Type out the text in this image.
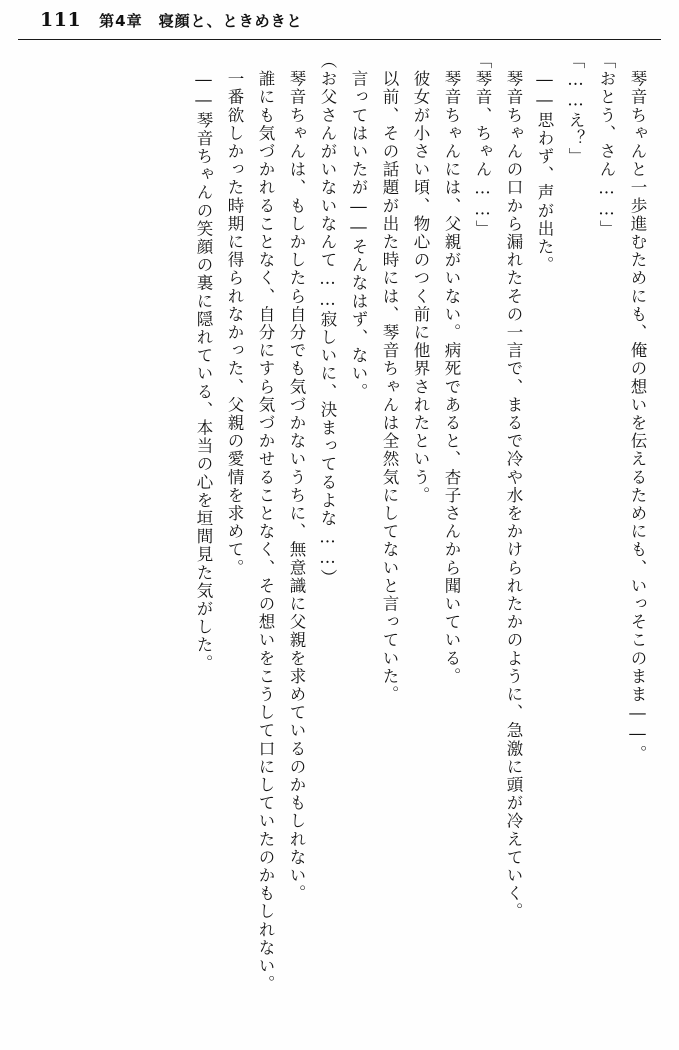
111 第4章　寝顔と、ときめきと

　琴音ちゃんと一歩進むためにも、俺の想いを伝えるためにも、いっそこのまま――。

「おとう、さん……」

「……え？」

　――思わず、声が出た。

　琴音ちゃんの口から漏れたその一言で、まるで冷や水をかけられたかのように、急激に頭が冷えていく。

「琴音、ちゃん……」

　琴音ちゃんには、父親がいない。病死であると、杏子さんから聞いている。

　彼女が小さい頃、物心のつく前に他界されたという。

　以前、その話題が出た時には、琴音ちゃんは全然気にしてないと言っていた。

　言ってはいたが――そんなはず、ない。

（お父さんがいないなんて……寂しいに、決まってるよな……）

　琴音ちゃんは、もしかしたら自分でも気づかないうちに、無意識に父親を求めているのかもしれない。

　誰にも気づかれることなく、自分にすら気づかせることなく、その想いをこうして口にしていたのかもしれない。

　一番欲しかった時期に得られなかった、父親の愛情を求めて。

　――琴音ちゃんの笑顔の裏に隠れている、本当の心を垣間見た気がした。
